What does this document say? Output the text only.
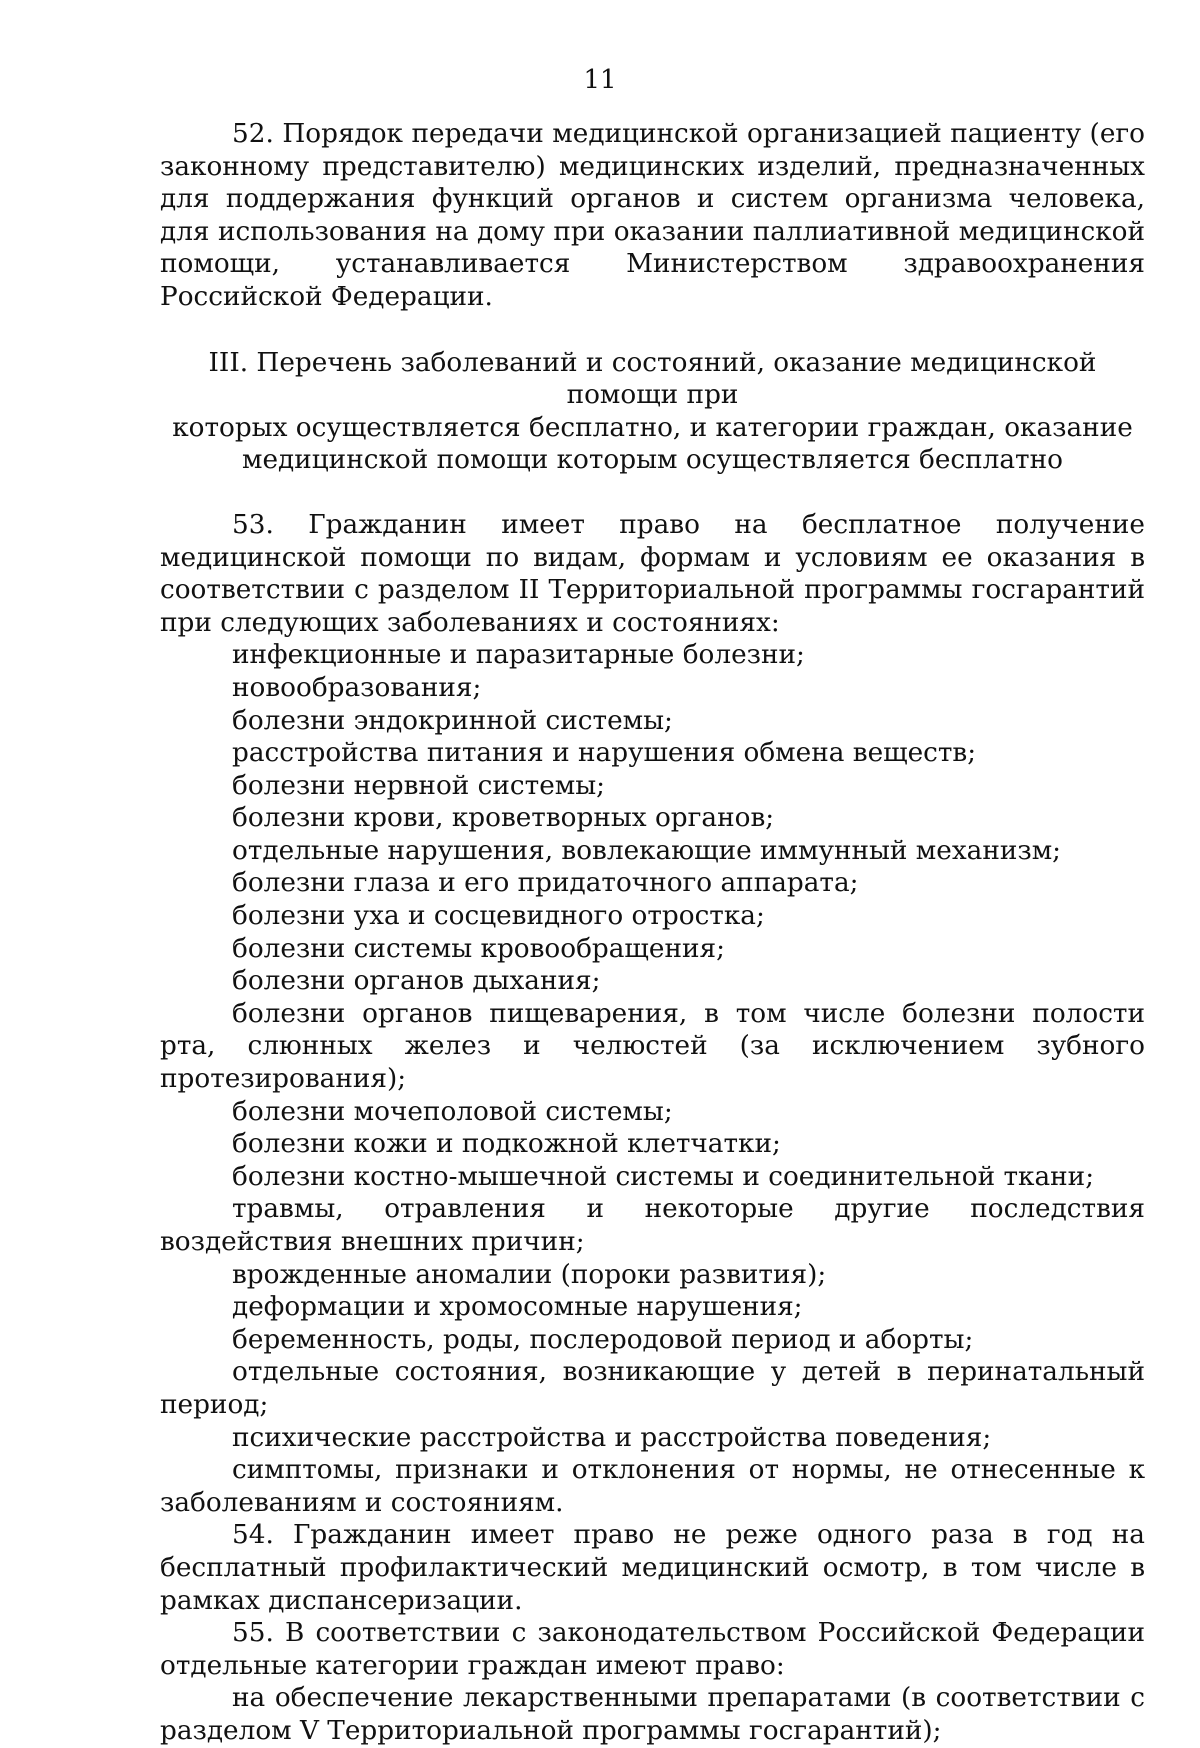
11

52. Порядок передачи медицинской организацией пациенту (его законному представителю) медицинских изделий, предназначенных для поддержания функций органов и систем организма человека, для использования на дому при оказании паллиативной медицинской помощи, устанавливается Министерством здравоохранения Российской Федерации.

III. Перечень заболеваний и состояний, оказание медицинской помощи при
которых осуществляется бесплатно, и категории граждан, оказание
медицинской помощи которым осуществляется бесплатно

53. Гражданин имеет право на бесплатное получение медицинской помощи по видам, формам и условиям ее оказания в соответствии с разделом II Территориальной программы госгарантий при следующих заболеваниях и состояниях:

инфекционные и паразитарные болезни;
новообразования;
болезни эндокринной системы;
расстройства питания и нарушения обмена веществ;
болезни нервной системы;
болезни крови, кроветворных органов;
отдельные нарушения, вовлекающие иммунный механизм;
болезни глаза и его придаточного аппарата;
болезни уха и сосцевидного отростка;
болезни системы кровообращения;
болезни органов дыхания;
болезни органов пищеварения, в том числе болезни полости рта, слюнных желез и челюстей (за исключением зубного протезирования);
болезни мочеполовой системы;
болезни кожи и подкожной клетчатки;
болезни костно-мышечной системы и соединительной ткани;
травмы, отравления и некоторые другие последствия воздействия внешних причин;
врожденные аномалии (пороки развития);
деформации и хромосомные нарушения;
беременность, роды, послеродовой период и аборты;
отдельные состояния, возникающие у детей в перинатальный период;
психические расстройства и расстройства поведения;
симптомы, признаки и отклонения от нормы, не отнесенные к заболеваниям и состояниям.

54. Гражданин имеет право не реже одного раза в год на бесплатный профилактический медицинский осмотр, в том числе в рамках диспансеризации.

55. В соответствии с законодательством Российской Федерации отдельные категории граждан имеют право:

на обеспечение лекарственными препаратами (в соответствии с разделом V Территориальной программы госгарантий);
